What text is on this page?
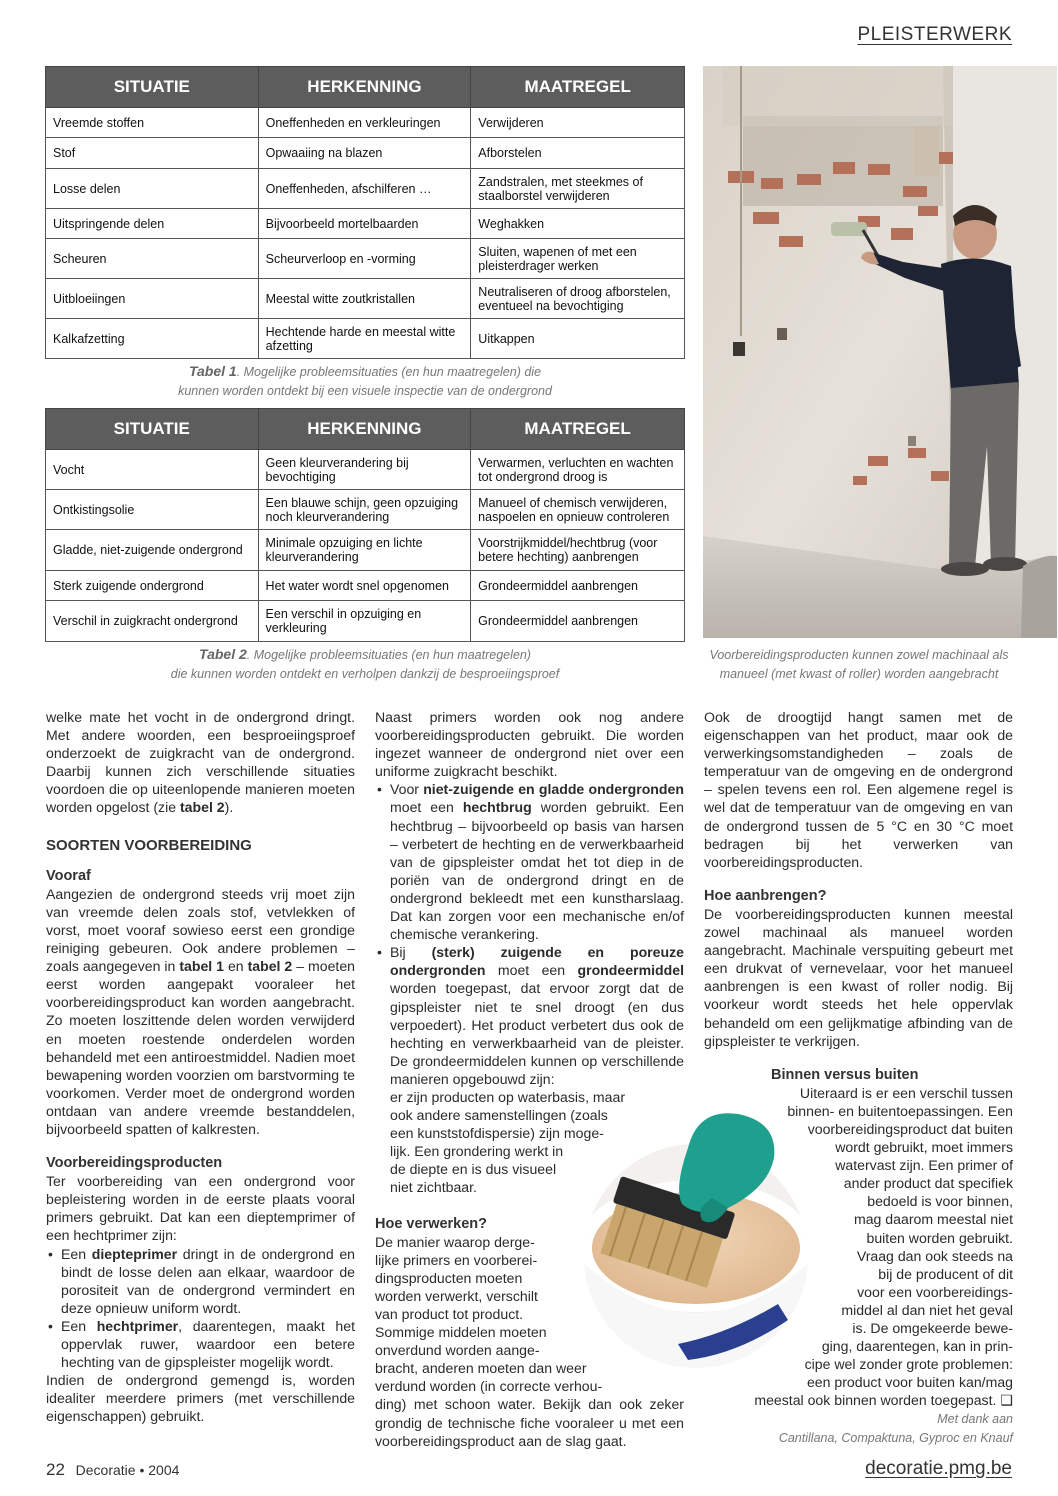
PLEISTERWERK
SITUATIE	HERKENNING	MAATREGEL
Vreemde stoffen	Oneffenheden en verkleuringen	Verwijderen
Stof	Opwaaiing na blazen	Afborstelen
Losse delen	Oneffenheden, afschilferen …	Zandstralen, met steekmes of staalborstel verwijderen
Uitspringende delen	Bijvoorbeeld mortelbaarden	Weghakken
Scheuren	Scheurverloop en -vorming	Sluiten, wapenen of met een pleisterdrager werken
Uitbloeiingen	Meestal witte zoutkristallen	Neutraliseren of droog afborstelen, eventueel na bevochtiging
Kalkafzetting	Hechtende harde en meestal witte afzetting	Uitkappen
Tabel 1. Mogelijke probleemsituaties (en hun maatregelen) die
kunnen worden ontdekt bij een visuele inspectie van de ondergrond
SITUATIE	HERKENNING	MAATREGEL
Vocht	Geen kleurverandering bij bevochtiging	Verwarmen, verluchten en wachten tot ondergrond droog is
Ontkistingsolie	Een blauwe schijn, geen opzuiging noch kleurverandering	Manueel of chemisch verwijderen, naspoelen en opnieuw controleren
Gladde, niet-zuigende ondergrond	Minimale opzuiging en lichte kleurverandering	Voorstrijkmiddel/hechtbrug (voor betere hechting) aanbrengen
Sterk zuigende ondergrond	Het water wordt snel opgenomen	Grondeermiddel aanbrengen
Verschil in zuigkracht ondergrond	Een verschil in opzuiging en verkleuring	Grondeermiddel aanbrengen
Tabel 2. Mogelijke probleemsituaties (en hun maatregelen)
die kunnen worden ontdekt en verholpen dankzij de besproeiingsproef
Voorbereidingsproducten kunnen zowel machinaal als
manueel (met kwast of roller) worden aangebracht

welke mate het vocht in de ondergrond dringt. Met andere woorden, een besproeiingsproef onderzoekt de zuigkracht van de ondergrond. Daarbij kunnen zich verschillende situaties voordoen die op uiteenlopende manieren moeten worden opgelost (zie tabel 2).

SOORTEN VOORBEREIDING
Vooraf

Aangezien de ondergrond steeds vrij moet zijn van vreemde delen zoals stof, vetvlekken of vorst, moet vooraf sowieso eerst een grondige reiniging gebeuren. Ook andere problemen – zoals aangegeven in tabel 1 en tabel 2 – moeten eerst worden aangepakt vooraleer het voorbereidingsproduct kan worden aangebracht. Zo moeten loszittende delen worden verwijderd en moeten roestende onderdelen worden behandeld met een antiroestmiddel. Nadien moet bewapening worden voorzien om barstvorming te voorkomen. Verder moet de ondergrond worden ontdaan van andere vreemde bestanddelen, bijvoorbeeld spatten of kalkresten.

Voorbereidingsproducten

Ter voorbereiding van een ondergrond voor bepleistering worden in de eerste plaats vooral primers gebruikt. Dat kan een dieptemprimer of een hechtprimer zijn:

• Een diepteprimer dringt in de ondergrond en bindt de losse delen aan elkaar, waardoor de porositeit van de ondergrond vermindert en deze opnieuw uniform wordt.
• Een hechtprimer, daarentegen, maakt het oppervlak ruwer, waardoor een betere hechting van de gipspleister mogelijk wordt.

Indien de ondergrond gemengd is, worden idealiter meerdere primers (met verschillende eigenschappen) gebruikt.

Naast primers worden ook nog andere voorbereidingsproducten gebruikt. Die worden ingezet wanneer de ondergrond niet over een uniforme zuigkracht beschikt.

• Voor niet-zuigende en gladde ondergronden moet een hechtbrug worden gebruikt. Een hechtbrug – bijvoorbeeld op basis van harsen – verbetert de hechting en de verwerkbaarheid van de gipspleister omdat het tot diep in de poriën van de ondergrond dringt en de ondergrond bekleedt met een kunstharslaag. Dat kan zorgen voor een mechanische en/of chemische verankering.
• Bij (sterk) zuigende en poreuze ondergronden moet een grondeermiddel worden toegepast, dat ervoor zorgt dat de gipspleister niet te snel droogt (en dus verpoedert). Het product verbetert dus ook de hechting en verwerkbaarheid van de pleister. De grondeermiddelen kunnen op verschillende manieren opgebouwd zijn:
er zijn producten op waterbasis, maar
ook andere samenstellingen (zoals
een kunststofdispersie) zijn moge-
lijk. Een grondering werkt in
de diepte en is dus visueel
niet zichtbaar.
Hoe verwerken?
De manier waarop derge-
lijke primers en voorberei-
dingsproducten moeten
worden verwerkt, verschilt
van product tot product.
Sommige middelen moeten
onverdund worden aange-
bracht, anderen moeten dan weer
verdund worden (in correcte verhou-

ding) met schoon water. Bekijk dan ook zeker grondig de technische fiche vooraleer u met een voorbereidingsproduct aan de slag gaat.

Ook de droogtijd hangt samen met de eigenschappen van het product, maar ook de verwerkingsomstandigheden – zoals de temperatuur van de omgeving en de ondergrond – spelen tevens een rol. Een algemene regel is wel dat de temperatuur van de omgeving en van de ondergrond tussen de 5 °C en 30 °C moet bedragen bij het verwerken van voorbereidingsproducten.

Hoe aanbrengen?

De voorbereidingsproducten kunnen meestal zowel machinaal als manueel worden aangebracht. Machinale verspuiting gebeurt met een drukvat of vernevelaar, voor het manueel aanbrengen is een kwast of roller nodig. Bij voorkeur wordt steeds het hele oppervlak behandeld om een gelijkmatige afbinding van de gipspleister te verkrijgen.

Binnen versus buiten
Uiteraard is er een verschil tussen
binnen- en buitentoepassingen. Een
voorbereidingsproduct dat buiten
wordt gebruikt, moet immers
watervast zijn. Een primer of
ander product dat specifiek
bedoeld is voor binnen,
mag daarom meestal niet
buiten worden gebruikt.
Vraag dan ook steeds na
bij de producent of dit
voor een voorbereidings-
middel al dan niet het geval
is. De omgekeerde bewe-
ging, daarentegen, kan in prin-
cipe wel zonder grote problemen:
een product voor buiten kan/mag
meestal ook binnen worden toegepast. ❑
Met dank aan
Cantillana, Compaktuna, Gyproc en Knauf
22 Decoratie • 2004	decoratie.pmg.be
